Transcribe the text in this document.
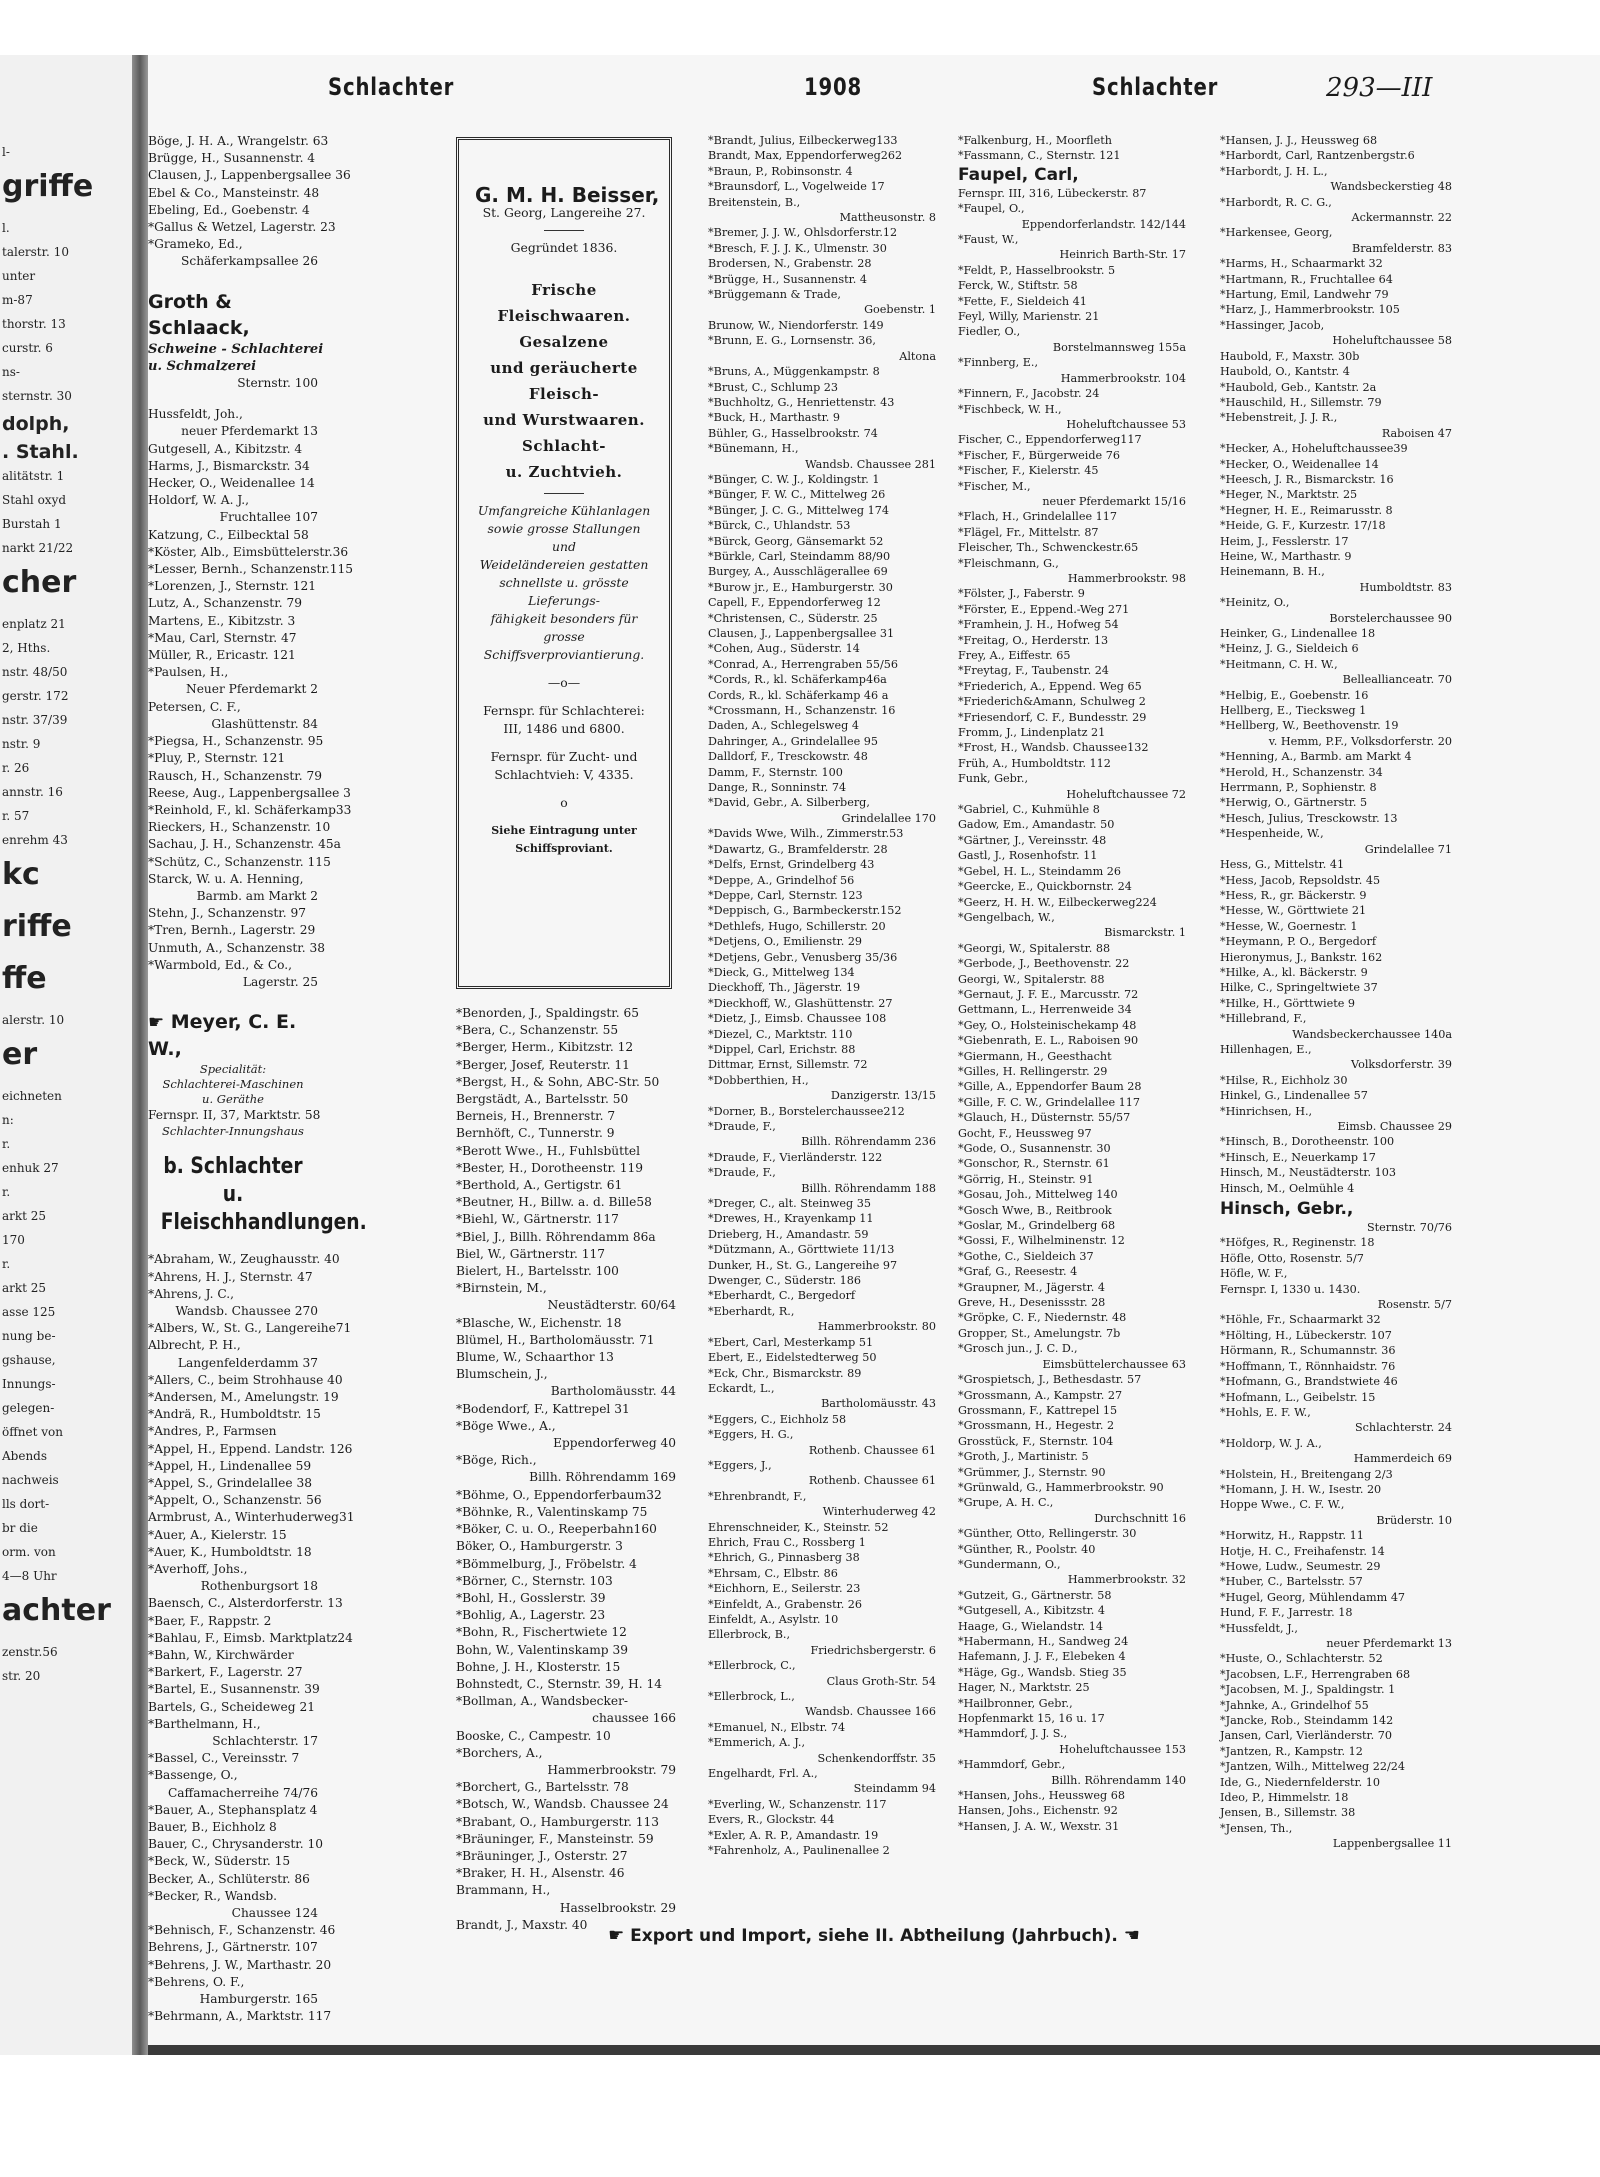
l-
griffe
l.
talerstr. 10
unter
m-87
thorstr. 13
curstr. 6
ns-
sternstr. 30
dolph,
. Stahl.
alitätstr. 1
Stahl oxyd
Burstah 1
narkt 21/22
cher
enplatz 21
2, Hths.
nstr. 48/50
gerstr. 172
nstr. 37/39
nstr. 9
r. 26
annstr. 16
r. 57
enrehm 43
kc
riffe
ffe
alerstr. 10
er
eichneten
n:
r.
enhuk 27
r.
arkt 25
170
r.
arkt 25
asse 125
nung be-
gshause,
Innungs-
gelegen-
öffnet von
Abends
nachweis
lls dort-
br die
orm. von
4—8 Uhr
achter
zenstr.56
str. 20
Schlachter	1908	Schlachter	293—III
Böge, J. H. A., Wrangelstr. 63
Brügge, H., Susannenstr. 4
Clausen, J., Lappenbergsallee 36
Ebel & Co., Mansteinstr. 48
Ebeling, Ed., Goebenstr. 4
*Gallus & Wetzel, Lagerstr. 23
*Grameko, Ed.,
Schäferkampsallee 26
Groth & Schlaack,
Schweine - Schlachterei
u. Schmalzerei
Sternstr. 100
Hussfeldt, Joh.,
neuer Pferdemarkt 13
Gutgesell, A., Kibitzstr. 4
Harms, J., Bismarckstr. 34
Hecker, O., Weidenallee 14
Holdorf, W. A. J.,
Fruchtallee 107
Katzung, C., Eilbecktal 58
*Köster, Alb., Eimsbüttelerstr.36
*Lesser, Bernh., Schanzenstr.115
*Lorenzen, J., Sternstr. 121
Lutz, A., Schanzenstr. 79
Martens, E., Kibitzstr. 3
*Mau, Carl, Sternstr. 47
Müller, R., Ericastr. 121
*Paulsen, H.,
Neuer Pferdemarkt 2
Petersen, C. F.,
Glashüttenstr. 84
*Piegsa, H., Schanzenstr. 95
*Pluy, P., Sternstr. 121
Rausch, H., Schanzenstr. 79
Reese, Aug., Lappenbergsallee 3
*Reinhold, F., kl. Schäferkamp33
Rieckers, H., Schanzenstr. 10
Sachau, J. H., Schanzenstr. 45a
*Schütz, C., Schanzenstr. 115
Starck, W. u. A. Henning,
Barmb. am Markt 2
Stehn, J., Schanzenstr. 97
*Tren, Bernh., Lagerstr. 29
Unmuth, A., Schanzenstr. 38
*Warmbold, Ed., & Co.,
Lagerstr. 25
☛ Meyer, C. E. W.,
Specialität:
Schlachterei-Maschinen
u. Geräthe
Fernspr. II, 37, Marktstr. 58
Schlachter-Innungshaus
b. Schlachter u. Fleischhandlungen.
*Abraham, W., Zeughausstr. 40
*Ahrens, H. J., Sternstr. 47
*Ahrens, J. C.,
Wandsb. Chaussee 270
*Albers, W., St. G., Langereihe71
Albrecht, P. H.,
Langenfelderdamm 37
*Allers, C., beim Strohhause 40
*Andersen, M., Amelungstr. 19
*Andrä, R., Humboldtstr. 15
*Andres, P., Farmsen
*Appel, H., Eppend. Landstr. 126
*Appel, H., Lindenallee 59
*Appel, S., Grindelallee 38
*Appelt, O., Schanzenstr. 56
Armbrust, A., Winterhuderweg31
*Auer, A., Kielerstr. 15
*Auer, K., Humboldtstr. 18
*Averhoff, Johs.,
Rothenburgsort 18
Baensch, C., Alsterdorferstr. 13
*Baer, F., Rappstr. 2
*Bahlau, F., Eimsb. Marktplatz24
*Bahn, W., Kirchwärder
*Barkert, F., Lagerstr. 27
*Bartel, E., Susannenstr. 39
Bartels, G., Scheideweg 21
*Barthelmann, H.,
Schlachterstr. 17
*Bassel, C., Vereinsstr. 7
*Bassenge, O.,
Caffamacherreihe 74/76
*Bauer, A., Stephansplatz 4
Bauer, B., Eichholz 8
Bauer, C., Chrysanderstr. 10
*Beck, W., Süderstr. 15
Becker, A., Schlüterstr. 86
*Becker, R., Wandsb.
Chaussee 124
*Behnisch, F., Schanzenstr. 46
Behrens, J., Gärtnerstr. 107
*Behrens, J. W., Marthastr. 20
*Behrens, O. F.,
Hamburgerstr. 165
*Behrmann, A., Marktstr. 117
G. M. H. Beisser,
St. Georg, Langereihe 27.
Gegründet 1836.
Frische
Fleischwaaren.
Gesalzene
und geräucherte
Fleisch-
und Wurstwaaren.
Schlacht-
u. Zuchtvieh.
Umfangreiche Kühlanlagen
sowie grosse Stallungen und
Weideländereien gestatten
schnellste u. grösste Lieferungs-
fähigkeit besonders für grosse
Schiffsverproviantierung.
—o—
Fernspr. für Schlachterei:
III, 1486 und 6800.
Fernspr. für Zucht- und
Schlachtvieh: V, 4335.
o
Siehe Eintragung unter
Schiffsproviant.
*Benorden, J., Spaldingstr. 65
*Bera, C., Schanzenstr. 55
*Berger, Herm., Kibitzstr. 12
*Berger, Josef, Reuterstr. 11
*Bergst, H., & Sohn, ABC-Str. 50
Bergstädt, A., Bartelsstr. 50
Berneis, H., Brennerstr. 7
Bernhöft, C., Tunnerstr. 9
*Berott Wwe., H., Fuhlsbüttel
*Bester, H., Dorotheenstr. 119
*Berthold, A., Gertigstr. 61
*Beutner, H., Billw. a. d. Bille58
*Biehl, W., Gärtnerstr. 117
*Biel, J., Billh. Röhrendamm 86a
Biel, W., Gärtnerstr. 117
Bielert, H., Bartelsstr. 100
*Birnstein, M.,
Neustädterstr. 60/64
*Blasche, W., Eichenstr. 18
Blümel, H., Bartholomäusstr. 71
Blume, W., Schaarthor 13
Blumschein, J.,
Bartholomäusstr. 44
*Bodendorf, F., Kattrepel 31
*Böge Wwe., A.,
Eppendorferweg 40
*Böge, Rich.,
Billh. Röhrendamm 169
*Böhme, O., Eppendorferbaum32
*Böhnke, R., Valentinskamp 75
*Böker, C. u. O., Reeperbahn160
Böker, O., Hamburgerstr. 3
*Bömmelburg, J., Fröbelstr. 4
*Börner, C., Sternstr. 103
*Bohl, H., Gosslerstr. 39
*Bohlig, A., Lagerstr. 23
*Bohn, R., Fischertwiete 12
Bohn, W., Valentinskamp 39
Bohne, J. H., Klosterstr. 15
Bohnstedt, C., Sternstr. 39, H. 14
*Bollman, A., Wandsbecker-
chaussee 166
Booske, C., Campestr. 10
*Borchers, A.,
Hammerbrookstr. 79
*Borchert, G., Bartelsstr. 78
*Botsch, W., Wandsb. Chaussee 24
*Brabant, O., Hamburgerstr. 113
*Bräuninger, F., Mansteinstr. 59
*Bräuninger, J., Osterstr. 27
*Braker, H. H., Alsenstr. 46
Brammann, H.,
Hasselbrookstr. 29
Brandt, J., Maxstr. 40
*Brandt, Julius, Eilbeckerweg133
Brandt, Max, Eppendorferweg262
*Braun, P., Robinsonstr. 4
*Braunsdorf, L., Vogelweide 17
Breitenstein, B.,
Mattheusonstr. 8
*Bremer, J. J. W., Ohlsdorferstr.12
*Bresch, F. J. J. K., Ulmenstr. 30
Brodersen, N., Grabenstr. 28
*Brügge, H., Susannenstr. 4
*Brüggemann & Trade,
Goebenstr. 1
Brunow, W., Niendorferstr. 149
*Brunn, E. G., Lornsenstr. 36,
Altona
*Bruns, A., Müggenkampstr. 8
*Brust, C., Schlump 23
*Buchholtz, G., Henriettenstr. 43
*Buck, H., Marthastr. 9
Bühler, G., Hasselbrookstr. 74
*Bünemann, H.,
Wandsb. Chaussee 281
*Bünger, C. W. J., Koldingstr. 1
*Bünger, F. W. C., Mittelweg 26
*Bünger, J. C. G., Mittelweg 174
*Bürck, C., Uhlandstr. 53
*Bürck, Georg, Gänsemarkt 52
*Bürkle, Carl, Steindamm 88/90
Burgey, A., Ausschlägerallee 69
*Burow jr., E., Hamburgerstr. 30
Capell, F., Eppendorferweg 12
*Christensen, C., Süderstr. 25
Clausen, J., Lappenbergsallee 31
*Cohen, Aug., Süderstr. 14
*Conrad, A., Herrengraben 55/56
*Cords, R., kl. Schäferkamp46a
Cords, R., kl. Schäferkamp 46 a
*Crossmann, H., Schanzenstr. 16
Daden, A., Schlegelsweg 4
Dahringer, A., Grindelallee 95
Dalldorf, F., Tresckowstr. 48
Damm, F., Sternstr. 100
Dange, R., Sonninstr. 74
*David, Gebr., A. Silberberg,
Grindelallee 170
*Davids Wwe, Wilh., Zimmerstr.53
*Dawartz, G., Bramfelderstr. 28
*Delfs, Ernst, Grindelberg 43
*Deppe, A., Grindelhof 56
*Deppe, Carl, Sternstr. 123
*Deppisch, G., Barmbeckerstr.152
*Dethlefs, Hugo, Schillerstr. 20
*Detjens, O., Emilienstr. 29
*Detjens, Gebr., Venusberg 35/36
*Dieck, G., Mittelweg 134
Dieckhoff, Th., Jägerstr. 19
*Dieckhoff, W., Glashüttenstr. 27
*Dietz, J., Eimsb. Chaussee 108
*Diezel, C., Marktstr. 110
*Dippel, Carl, Erichstr. 88
Dittmar, Ernst, Sillemstr. 72
*Dobberthien, H.,
Danzigerstr. 13/15
*Dorner, B., Borstelerchaussee212
*Draude, F.,
Billh. Röhrendamm 236
*Draude, F., Vierländerstr. 122
*Draude, F.,
Billh. Röhrendamm 188
*Dreger, C., alt. Steinweg 35
*Drewes, H., Krayenkamp 11
Drieberg, H., Amandastr. 59
*Dützmann, A., Görttwiete 11/13
Dunker, H., St. G., Langereihe 97
Dwenger, C., Süderstr. 186
*Eberhardt, C., Bergedorf
*Eberhardt, R.,
Hammerbrookstr. 80
*Ebert, Carl, Mesterkamp 51
Ebert, E., Eidelstedterweg 50
*Eck, Chr., Bismarckstr. 89
Eckardt, L.,
Bartholomäusstr. 43
*Eggers, C., Eichholz 58
*Eggers, H. G.,
Rothenb. Chaussee 61
*Eggers, J.,
Rothenb. Chaussee 61
*Ehrenbrandt, F.,
Winterhuderweg 42
Ehrenschneider, K., Steinstr. 52
Ehrich, Frau C., Rossberg 1
*Ehrich, G., Pinnasberg 38
*Ehrsam, C., Elbstr. 86
*Eichhorn, E., Seilerstr. 23
*Einfeldt, A., Grabenstr. 26
Einfeldt, A., Asylstr. 10
Ellerbrock, B.,
Friedrichsbergerstr. 6
*Ellerbrock, C.,
Claus Groth-Str. 54
*Ellerbrock, L.,
Wandsb. Chaussee 166
*Emanuel, N., Elbstr. 74
*Emmerich, A. J.,
Schenkendorffstr. 35
Engelhardt, Frl. A.,
Steindamm 94
*Everling, W., Schanzenstr. 117
Evers, R., Glockstr. 44
*Exler, A. R. P., Amandastr. 19
*Fahrenholz, A., Paulinenallee 2
*Falkenburg, H., Moorfleth
*Fassmann, C., Sternstr. 121
Faupel, Carl,
Fernspr. III, 316, Lübeckerstr. 87
*Faupel, O.,
Eppendorferlandstr. 142/144
*Faust, W.,
Heinrich Barth-Str. 17
*Feldt, P., Hasselbrookstr. 5
Ferck, W., Stiftstr. 58
*Fette, F., Sieldeich 41
Feyl, Willy, Marienstr. 21
Fiedler, O.,
Borstelmannsweg 155a
*Finnberg, E.,
Hammerbrookstr. 104
*Finnern, F., Jacobstr. 24
*Fischbeck, W. H.,
Hoheluftchaussee 53
Fischer, C., Eppendorferweg117
*Fischer, F., Bürgerweide 76
*Fischer, F., Kielerstr. 45
*Fischer, M.,
neuer Pferdemarkt 15/16
*Flach, H., Grindelallee 117
*Flägel, Fr., Mittelstr. 87
Fleischer, Th., Schwenckestr.65
*Fleischmann, G.,
Hammerbrookstr. 98
*Fölster, J., Faberstr. 9
*Förster, E., Eppend.-Weg 271
*Framhein, J. H., Hofweg 54
*Freitag, O., Herderstr. 13
Frey, A., Eiffestr. 65
*Freytag, F., Taubenstr. 24
*Friederich, A., Eppend. Weg 65
*Friederich&Amann, Schulweg 2
*Friesendorf, C. F., Bundesstr. 29
Fromm, J., Lindenplatz 21
*Frost, H., Wandsb. Chaussee132
Früh, A., Humboldtstr. 112
Funk, Gebr.,
Hoheluftchaussee 72
*Gabriel, C., Kuhmühle 8
Gadow, Em., Amandastr. 50
*Gärtner, J., Vereinsstr. 48
Gastl, J., Rosenhofstr. 11
*Gebel, H. L., Steindamm 26
*Geercke, E., Quickbornstr. 24
*Geerz, H. H. W., Eilbeckerweg224
*Gengelbach, W.,
Bismarckstr. 1
*Georgi, W., Spitalerstr. 88
*Gerbode, J., Beethovenstr. 22
Georgi, W., Spitalerstr. 88
*Gernaut, J. F. E., Marcusstr. 72
Gettmann, L., Herrenweide 34
*Gey, O., Holsteinischekamp 48
*Giebenrath, E. L., Raboisen 90
*Giermann, H., Geesthacht
*Gilles, H. Rellingerstr. 29
*Gille, A., Eppendorfer Baum 28
*Gille, F. C. W., Grindelallee 117
*Glauch, H., Düsternstr. 55/57
Gocht, F., Heussweg 97
*Gode, O., Susannenstr. 30
*Gonschor, R., Sternstr. 61
*Görrig, H., Steinstr. 91
*Gosau, Joh., Mittelweg 140
*Gosch Wwe, B., Reitbrook
*Goslar, M., Grindelberg 68
*Gossi, F., Wilhelminenstr. 12
*Gothe, C., Sieldeich 37
*Graf, G., Reesestr. 4
*Graupner, M., Jägerstr. 4
Greve, H., Desenissstr. 28
*Gröpke, C. F., Niedernstr. 48
Gropper, St., Amelungstr. 7b
*Grosch jun., J. C. D.,
Eimsbüttelerchaussee 63
*Grospietsch, J., Bethesdastr. 57
*Grossmann, A., Kampstr. 27
Grossmann, F., Kattrepel 15
*Grossmann, H., Hegestr. 2
Grosstück, F., Sternstr. 104
*Groth, J., Martinistr. 5
*Grümmer, J., Sternstr. 90
*Grünwald, G., Hammerbrookstr. 90
*Grupe, A. H. C.,
Durchschnitt 16
*Günther, Otto, Rellingerstr. 30
*Günther, R., Poolstr. 40
*Gundermann, O.,
Hammerbrookstr. 32
*Gutzeit, G., Gärtnerstr. 58
*Gutgesell, A., Kibitzstr. 4
Haage, G., Wielandstr. 14
*Habermann, H., Sandweg 24
Hafemann, J. J. F., Elebeken 4
*Häge, Gg., Wandsb. Stieg 35
Hager, N., Marktstr. 25
*Hailbronner, Gebr.,
Hopfenmarkt 15, 16 u. 17
*Hammdorf, J. J. S.,
Hoheluftchaussee 153
*Hammdorf, Gebr.,
Billh. Röhrendamm 140
*Hansen, Johs., Heussweg 68
Hansen, Johs., Eichenstr. 92
*Hansen, J. A. W., Wexstr. 31
*Hansen, J. J., Heussweg 68
*Harbordt, Carl, Rantzenbergstr.6
*Harbordt, J. H. L.,
Wandsbeckerstieg 48
*Harbordt, R. C. G.,
Ackermannstr. 22
*Harkensee, Georg,
Bramfelderstr. 83
*Harms, H., Schaarmarkt 32
*Hartmann, R., Fruchtallee 64
*Hartung, Emil, Landwehr 79
*Harz, J., Hammerbrookstr. 105
*Hassinger, Jacob,
Hoheluftchaussee 58
Haubold, F., Maxstr. 30b
Haubold, O., Kantstr. 4
*Haubold, Geb., Kantstr. 2a
*Hauschild, H., Sillemstr. 79
*Hebenstreit, J. J. R.,
Raboisen 47
*Hecker, A., Hoheluftchaussee39
*Hecker, O., Weidenallee 14
*Heesch, J. R., Bismarckstr. 16
*Heger, N., Marktstr. 25
*Hegner, H. E., Reimarusstr. 8
*Heide, G. F., Kurzestr. 17/18
Heim, J., Fesslerstr. 17
Heine, W., Marthastr. 9
Heinemann, B. H.,
Humboldtstr. 83
*Heinitz, O.,
Borstelerchaussee 90
Heinker, G., Lindenallee 18
*Heinz, J. G., Sieldeich 6
*Heitmann, C. H. W.,
Belleallianceatr. 70
*Helbig, E., Goebenstr. 16
Hellberg, E., Tiecksweg 1
*Hellberg, W., Beethovenstr. 19
v. Hemm, P.F., Volksdorferstr. 20
*Henning, A., Barmb. am Markt 4
*Herold, H., Schanzenstr. 34
Herrmann, P., Sophienstr. 8
*Herwig, O., Gärtnerstr. 5
*Hesch, Julius, Tresckowstr. 13
*Hespenheide, W.,
Grindelallee 71
Hess, G., Mittelstr. 41
*Hess, Jacob, Repsoldstr. 45
*Hess, R., gr. Bäckerstr. 9
*Hesse, W., Görttwiete 21
*Hesse, W., Goernestr. 1
*Heymann, P. O., Bergedorf
Hieronymus, J., Bankstr. 162
*Hilke, A., kl. Bäckerstr. 9
Hilke, C., Springeltwiete 37
*Hilke, H., Görttwiete 9
*Hillebrand, F.,
Wandsbeckerchaussee 140a
Hillenhagen, E.,
Volksdorferstr. 39
*Hilse, R., Eichholz 30
Hinkel, G., Lindenallee 57
*Hinrichsen, H.,
Eimsb. Chaussee 29
*Hinsch, B., Dorotheenstr. 100
*Hinsch, E., Neuerkamp 17
Hinsch, M., Neustädterstr. 103
Hinsch, M., Oelmühle 4
Hinsch, Gebr.,
Sternstr. 70/76
*Höfges, R., Reginenstr. 18
Höfle, Otto, Rosenstr. 5/7
Höfle, W. F.,
Fernspr. I, 1330 u. 1430.
Rosenstr. 5/7
*Höhle, Fr., Schaarmarkt 32
*Hölting, H., Lübeckerstr. 107
Hörmann, R., Schumannstr. 36
*Hoffmann, T., Rönnhaidstr. 76
*Hofmann, G., Brandstwiete 46
*Hofmann, L., Geibelstr. 15
*Hohls, E. F. W.,
Schlachterstr. 24
*Holdorp, W. J. A.,
Hammerdeich 69
*Holstein, H., Breitengang 2/3
*Homann, J. H. W., Isestr. 20
Hoppe Wwe., C. F. W.,
Brüderstr. 10
*Horwitz, H., Rappstr. 11
Hotje, H. C., Freihafenstr. 14
*Howe, Ludw., Seumestr. 29
*Huber, C., Bartelsstr. 57
*Hugel, Georg, Mühlendamm 47
Hund, F. F., Jarrestr. 18
*Hussfeldt, J.,
neuer Pferdemarkt 13
*Huste, O., Schlachterstr. 52
*Jacobsen, L.F., Herrengraben 68
*Jacobsen, M. J., Spaldingstr. 1
*Jahnke, A., Grindelhof 55
*Jancke, Rob., Steindamm 142
Jansen, Carl, Vierländerstr. 70
*Jantzen, R., Kampstr. 12
*Jantzen, Wilh., Mittelweg 22/24
Ide, G., Niedernfelderstr. 10
Ideo, P., Himmelstr. 18
Jensen, B., Sillemstr. 38
*Jensen, Th.,
Lappenbergsallee 11
☛ Export und Import, siehe II. Abtheilung (Jahrbuch). ☚
